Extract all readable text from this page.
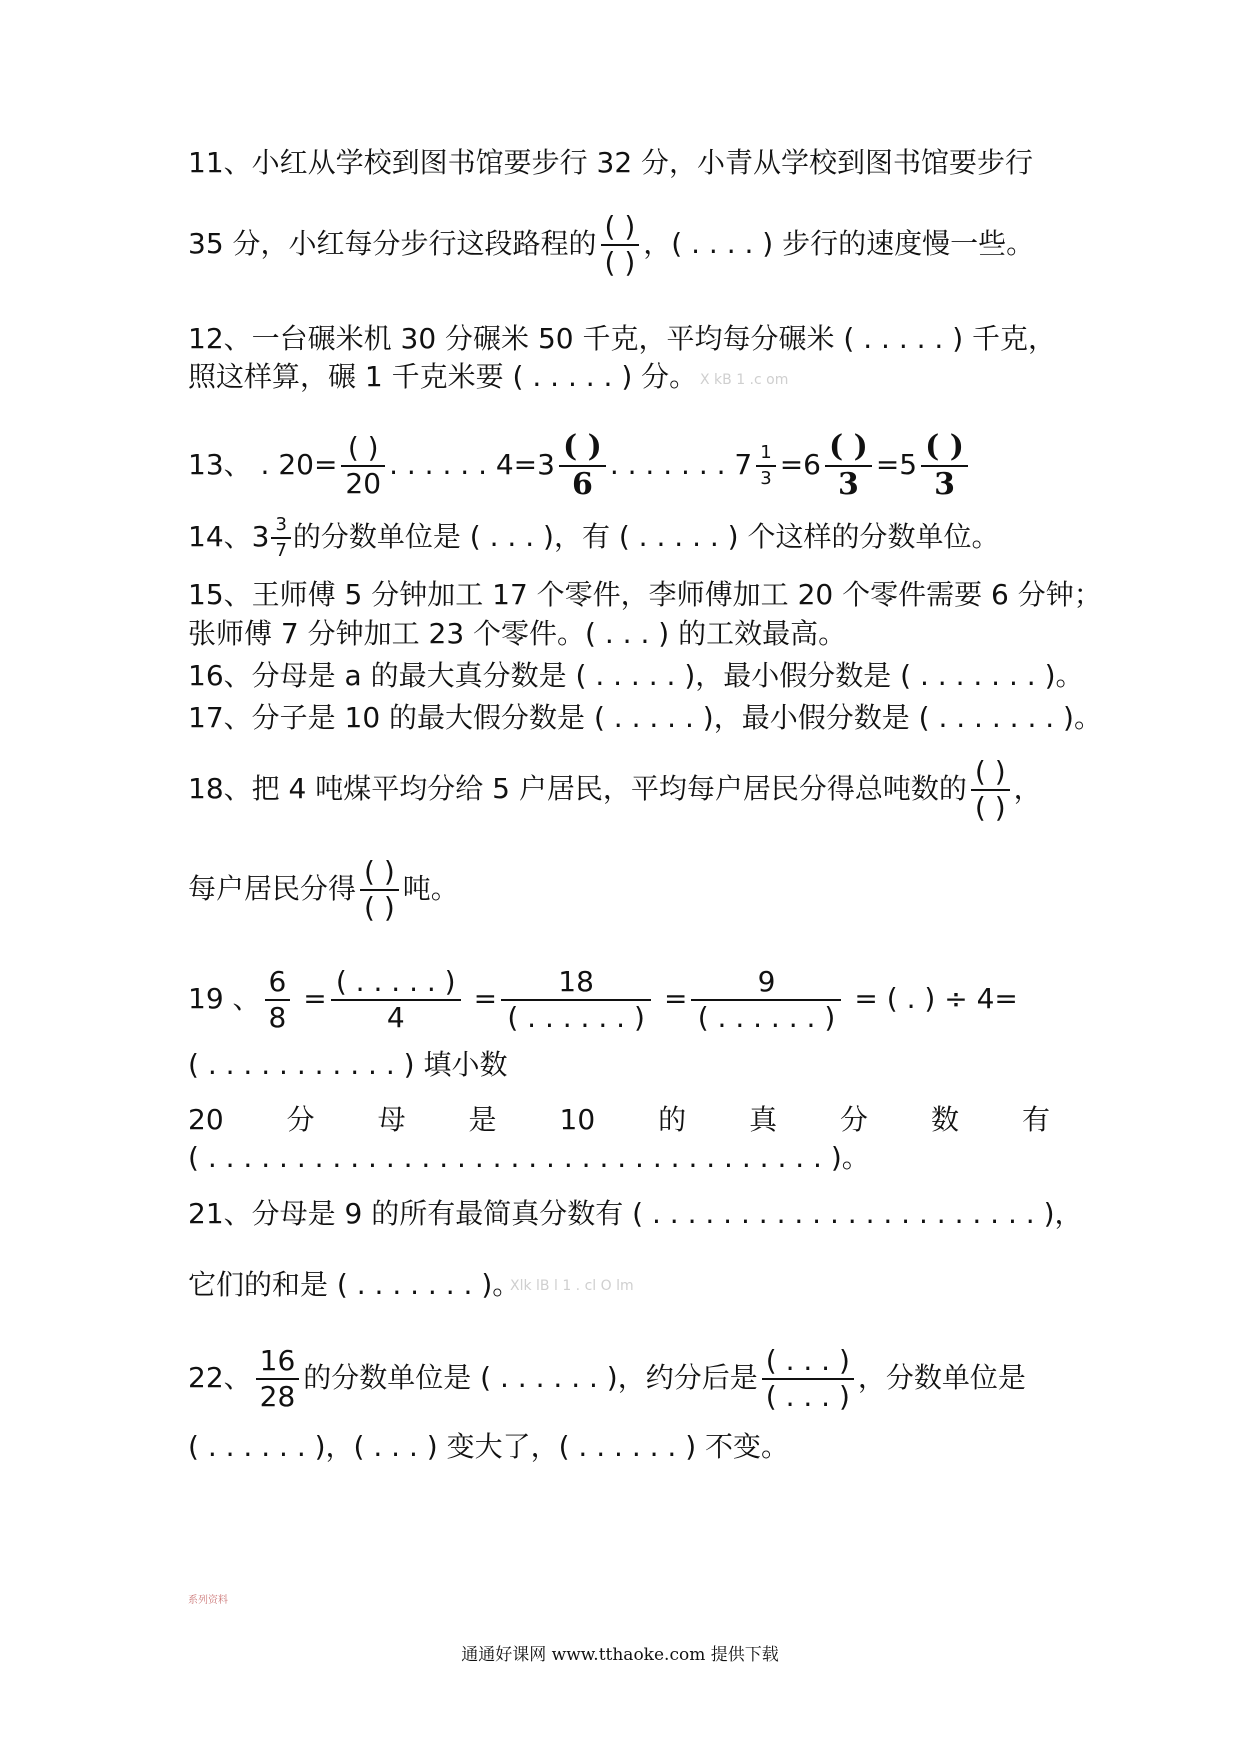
11、小红从学校到图书馆要步行 32 分，小青从学校到图书馆要步行
35 分，小红每分步行这段路程的 $\frac{( )}{( )}$ ，( . . . . ) 步行的速度慢一些。
12、一台碾米机 30 分碾米 50 千克，平均每分碾米 ( . . . . . ) 千克，
照这样算，碾 1 千克米要 ( . . . . . ) 分。 X kB 1 .c om
13、 . $20= \frac{( )}{20}$ . . . . . . $4=3 \frac{( )}{6}$ . . . . . . . $7 \frac{1}{3} =6 \frac{( )}{3} =5 \frac{( )}{3}$
14、$3 \frac{3}{7}$ 的分数单位是 ( . . . )，有 ( . . . . . ) 个这样的分数单位。
15、王师傅 5 分钟加工 17 个零件，李师傅加工 20 个零件需要 6 分钟；
张师傅 7 分钟加工 23 个零件。( . . . ) 的工效最高。
16、分母是 a 的最大真分数是 ( . . . . . )，最小假分数是 ( . . . . . . . )。
17、分子是 10 的最大假分数是 ( . . . . . )，最小假分数是 ( . . . . . . . )。
18、把 4 吨煤平均分给 5 户居民，平均每户居民分得总吨数的 $\frac{( )}{( )}$ ，
每户居民分得 $\frac{( )}{( )}$ 吨。
19 、 $\frac{6}{8} = \frac{( . . . . . )}{4} = \frac{18}{( . . . . . . )} = \frac{9}{( . . . . . . )}$ = ( . ) ÷ 4=
( . . . . . . . . . . . ) 填小数
20 分 母 是 10 的 真 分 数 有
( . . . . . . . . . . . . . . . . . . . . . . . . . . . . . . . . . . . )。
21、分母是 9 的所有最简真分数有 ( . . . . . . . . . . . . . . . . . . . . . . )，
它们的和是 ( . . . . . . . )。
Xlk lB l 1 . cl O lm
22、 $\frac{16}{28}$ 的分数单位是 ( . . . . . . )，约分后是 $\frac{( . . . )}{( . . . )}$ ，分数单位是
( . . . . . . )，( . . . ) 变大了，( . . . . . . ) 不变。
系列资料
通通好课网 www.tthaoke.com 提供下载
